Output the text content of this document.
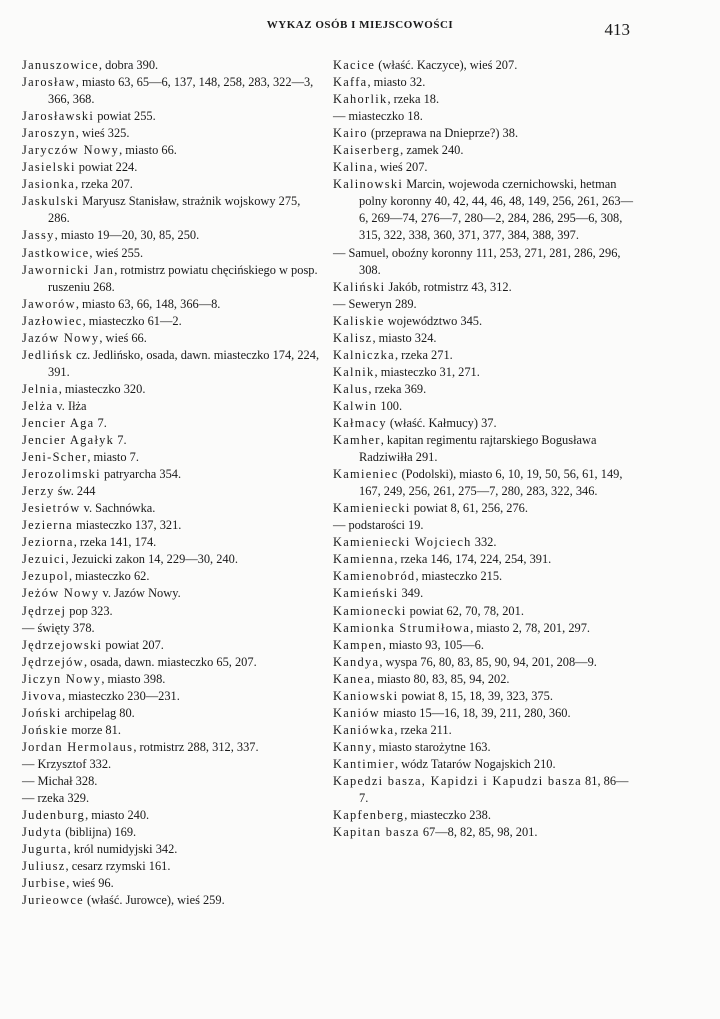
WYKAZ OSÓB I MIEJSCOWOŚCI	413
Januszowice, dobra 390.
Jarosław, miasto 63, 65—6, 137, 148, 258, 283, 322—3, 366, 368.
Jarosławski powiat 255.
Jaroszyn, wieś 325.
Jaryczów Nowy, miasto 66.
Jasielski powiat 224.
Jasionka, rzeka 207.
Jaskulski Maryusz Stanisław, strażnik wojskowy 275, 286.
Jassy, miasto 19—20, 30, 85, 250.
Jastkowice, wieś 255.
Jawornicki Jan, rotmistrz powiatu chęcińskiego w posp. ruszeniu 268.
Jaworów, miasto 63, 66, 148, 366—8.
Jazłowiec, miasteczko 61—2.
Jazów Nowy, wieś 66.
Jedlińsk cz. Jedlińsko, osada, dawn. miasteczko 174, 224, 391.
Jelnia, miasteczko 320.
Jelża v. Iłża
Jencier Aga 7.
Jencier Agałyk 7.
Jeni-Scher, miasto 7.
Jerozolimski patryarcha 354.
Jerzy św. 244
Jesietrów v. Sachnówka.
Jezierna miasteczko 137, 321.
Jeziorna, rzeka 141, 174.
Jezuici, Jezuicki zakon 14, 229—30, 240.
Jezupol, miasteczko 62.
Jeżów Nowy v. Jazów Nowy.
Jędrzej pop 323.
— święty 378.
Jędrzejowski powiat 207.
Jędrzejów, osada, dawn. miasteczko 65, 207.
Jiczyn Nowy, miasto 398.
Jivova, miasteczko 230—231.
Joński archipelag 80.
Jońskie morze 81.
Jordan Hermolaus, rotmistrz 288, 312, 337.
— Krzysztof 332.
— Michał 328.
— rzeka 329.
Judenburg, miasto 240.
Judyta (biblijna) 169.
Jugurta, król numidyjski 342.
Juliusz, cesarz rzymski 161.
Jurbise, wieś 96.
Jurieowce (właść. Jurowce), wieś 259.
Kacice (właść. Kaczyce), wieś 207.
Kaffa, miasto 32.
Kahorlik, rzeka 18.
— miasteczko 18.
Kairo (przeprawa na Dnieprze?) 38.
Kaiserberg, zamek 240.
Kalina, wieś 207.
Kalinowski Marcin, wojewoda czernichowski, hetman polny koronny 40, 42, 44, 46, 48, 149, 256, 261, 263—6, 269—74, 276—7, 280—2, 284, 286, 295—6, 308, 315, 322, 338, 360, 371, 377, 384, 388, 397.
— Samuel, oboźny koronny 111, 253, 271, 281, 286, 296, 308.
Kaliński Jakób, rotmistrz 43, 312.
— Seweryn 289.
Kaliskie województwo 345.
Kalisz, miasto 324.
Kalniczka, rzeka 271.
Kalnik, miasteczko 31, 271.
Kalus, rzeka 369.
Kalwin 100.
Kałmacy (właść. Kałmucy) 37.
Kamher, kapitan regimentu rajtarskiego Bogusława Radziwiłła 291.
Kamieniec (Podolski), miasto 6, 10, 19, 50, 56, 61, 149, 167, 249, 256, 261, 275—7, 280, 283, 322, 346.
Kamieniecki powiat 8, 61, 256, 276.
— podstarości 19.
Kamieniecki Wojciech 332.
Kamienna, rzeka 146, 174, 224, 254, 391.
Kamienobród, miasteczko 215.
Kamieński 349.
Kamionecki powiat 62, 70, 78, 201.
Kamionka Strumiłowa, miasto 2, 78, 201, 297.
Kampen, miasto 93, 105—6.
Kandya, wyspa 76, 80, 83, 85, 90, 94, 201, 208—9.
Kanea, miasto 80, 83, 85, 94, 202.
Kaniowski powiat 8, 15, 18, 39, 323, 375.
Kaniów miasto 15—16, 18, 39, 211, 280, 360.
Kaniówka, rzeka 211.
Kanny, miasto starożytne 163.
Kantimier, wódz Tatarów Nogajskich 210.
Kapedzi basza, Kapidzi i Kapudzi basza 81, 86—7.
Kapfenberg, miasteczko 238.
Kapitan basza 67—8, 82, 85, 98, 201.
